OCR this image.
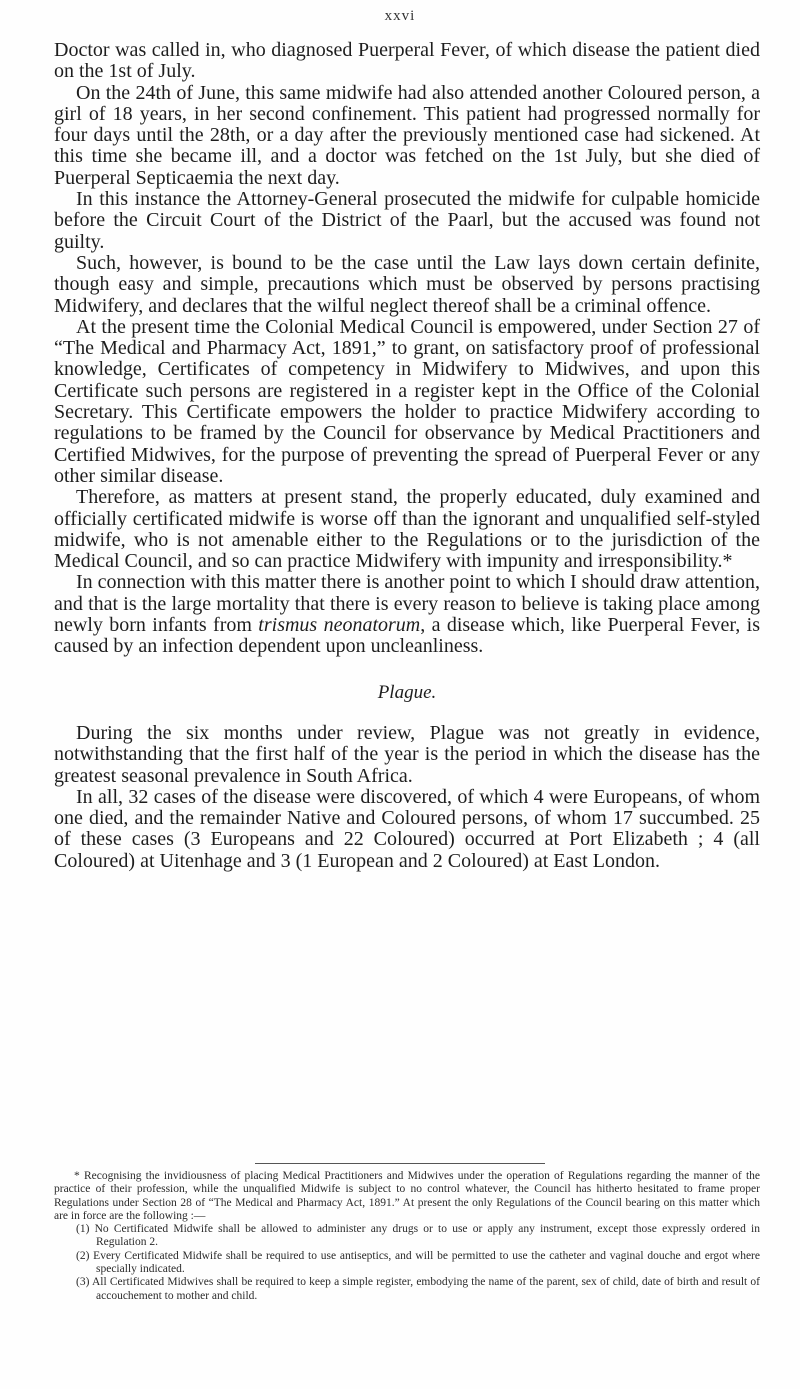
xxvi

Doctor was called in, who diagnosed Puerperal Fever, of which disease the patient died on the 1st of July.

On the 24th of June, this same midwife had also attended another Coloured person, a girl of 18 years, in her second confinement. This patient had progressed normally for four days until the 28th, or a day after the previously mentioned case had sickened. At this time she became ill, and a doctor was fetched on the 1st July, but she died of Puerperal Septicaemia the next day.

In this instance the Attorney-General prosecuted the midwife for culpable homicide before the Circuit Court of the District of the Paarl, but the accused was found not guilty.

Such, however, is bound to be the case until the Law lays down certain definite, though easy and simple, precautions which must be observed by persons practising Midwifery, and declares that the wilful neglect thereof shall be a criminal offence.

At the present time the Colonial Medical Council is empowered, under Section 27 of “The Medical and Pharmacy Act, 1891,” to grant, on satisfactory proof of professional knowledge, Certificates of competency in Midwifery to Midwives, and upon this Certificate such persons are registered in a register kept in the Office of the Colonial Secretary. This Certificate empowers the holder to practice Midwifery according to regulations to be framed by the Council for observance by Medical Practitioners and Certified Midwives, for the purpose of preventing the spread of Puerperal Fever or any other similar disease.

Therefore, as matters at present stand, the properly educated, duly examined and officially certificated midwife is worse off than the ignorant and unqualified self-styled midwife, who is not amenable either to the Regulations or to the jurisdiction of the Medical Council, and so can practice Midwifery with impunity and irresponsibility.*

In connection with this matter there is another point to which I should draw attention, and that is the large mortality that there is every reason to believe is taking place among newly born infants from trismus neonatorum, a disease which, like Puerperal Fever, is caused by an infection dependent upon uncleanliness.

Plague.

During the six months under review, Plague was not greatly in evidence, notwithstanding that the first half of the year is the period in which the disease has the greatest seasonal prevalence in South Africa.

In all, 32 cases of the disease were discovered, of which 4 were Europeans, of whom one died, and the remainder Native and Coloured persons, of whom 17 succumbed. 25 of these cases (3 Europeans and 22 Coloured) occurred at Port Elizabeth ; 4 (all Coloured) at Uitenhage and 3 (1 European and 2 Coloured) at East London.

* Recognising the invidiousness of placing Medical Practitioners and Midwives under the operation of Regulations regarding the manner of the practice of their profession, while the unqualified Midwife is subject to no control whatever, the Council has hitherto hesitated to frame proper Regulations under Section 28 of “The Medical and Pharmacy Act, 1891.” At present the only Regulations of the Council bearing on this matter which are in force are the following :—

(1) No Certificated Midwife shall be allowed to administer any drugs or to use or apply any instrument, except those expressly ordered in Regulation 2.

(2) Every Certificated Midwife shall be required to use antiseptics, and will be permitted to use the catheter and vaginal douche and ergot where specially indicated.

(3) All Certificated Midwives shall be required to keep a simple register, embodying the name of the parent, sex of child, date of birth and result of accouchement to mother and child.
